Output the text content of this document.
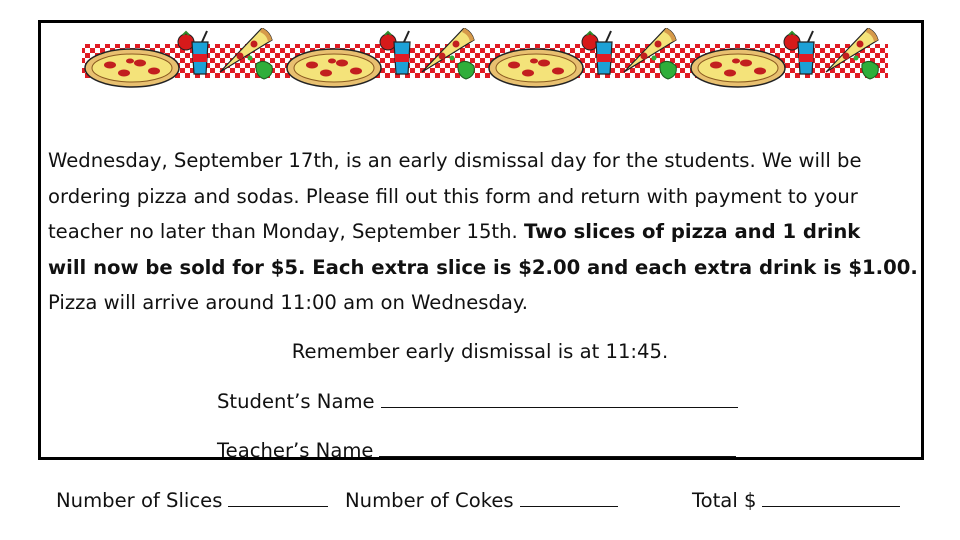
Wednesday, September 17th, is an early dismissal day for the students. We will be
ordering pizza and sodas. Please fill out this form and return with payment to your
teacher no later than Monday, September 15th. Two slices of pizza and 1 drink
will now be sold for $5. Each extra slice is $2.00 and each extra drink is $1.00.
Pizza will arrive around 11:00 am on Wednesday.
Remember early dismissal is at 11:45.
Student’s Name
Teacher’s Name
Number of Slices	Number of Cokes	Total $
